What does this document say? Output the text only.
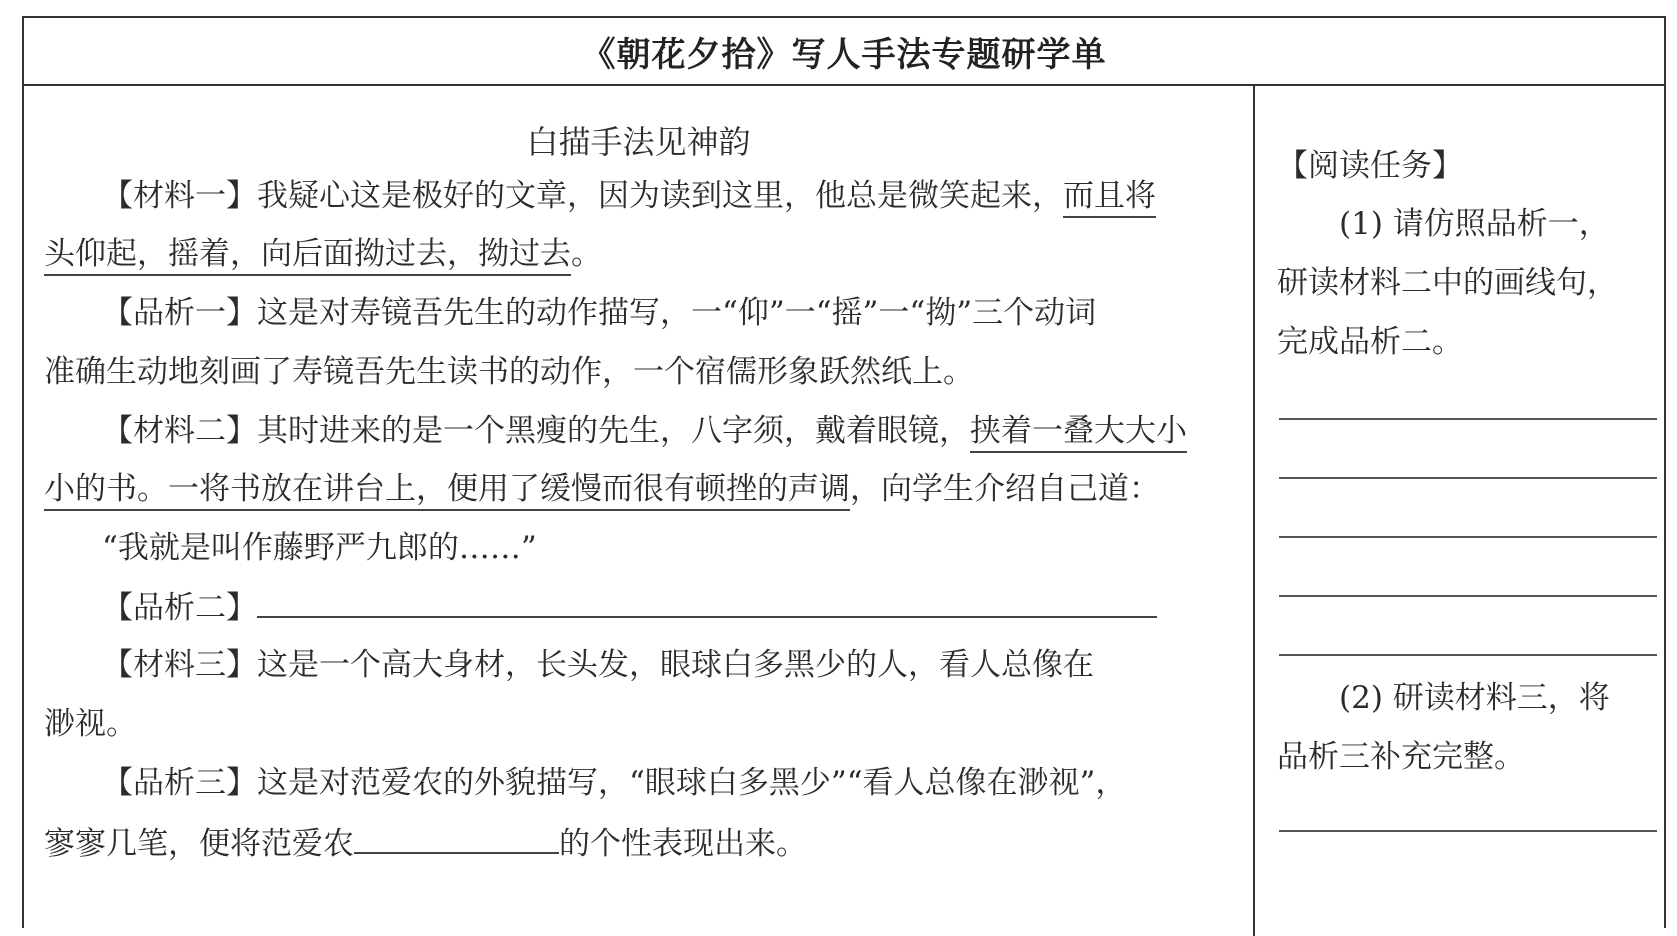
《朝花夕拾》写人手法专题研学单
白描手法见神韵
【材料一】我疑心这是极好的文章，因为读到这里，他总是微笑起来，而且将
头仰起，摇着，向后面拗过去，拗过去。
【品析一】这是对寿镜吾先生的动作描写，一“仰”一“摇”一“拗”三个动词
准确生动地刻画了寿镜吾先生读书的动作，一个宿儒形象跃然纸上。
【材料二】其时进来的是一个黑瘦的先生，八字须，戴着眼镜，挟着一叠大大小
小的书。一将书放在讲台上，便用了缓慢而很有顿挫的声调，向学生介绍自己道：
“我就是叫作藤野严九郎的……”
【品析二】
【材料三】这是一个高大身材，长头发，眼球白多黑少的人，看人总像在
渺视。
【品析三】这是对范爱农的外貌描写，“眼球白多黑少”“看人总像在渺视”，
寥寥几笔，便将范爱农	的个性表现出来。
【阅读任务】
(1) 请仿照品析一，
研读材料二中的画线句，
完成品析二。
(2) 研读材料三，将
品析三补充完整。
